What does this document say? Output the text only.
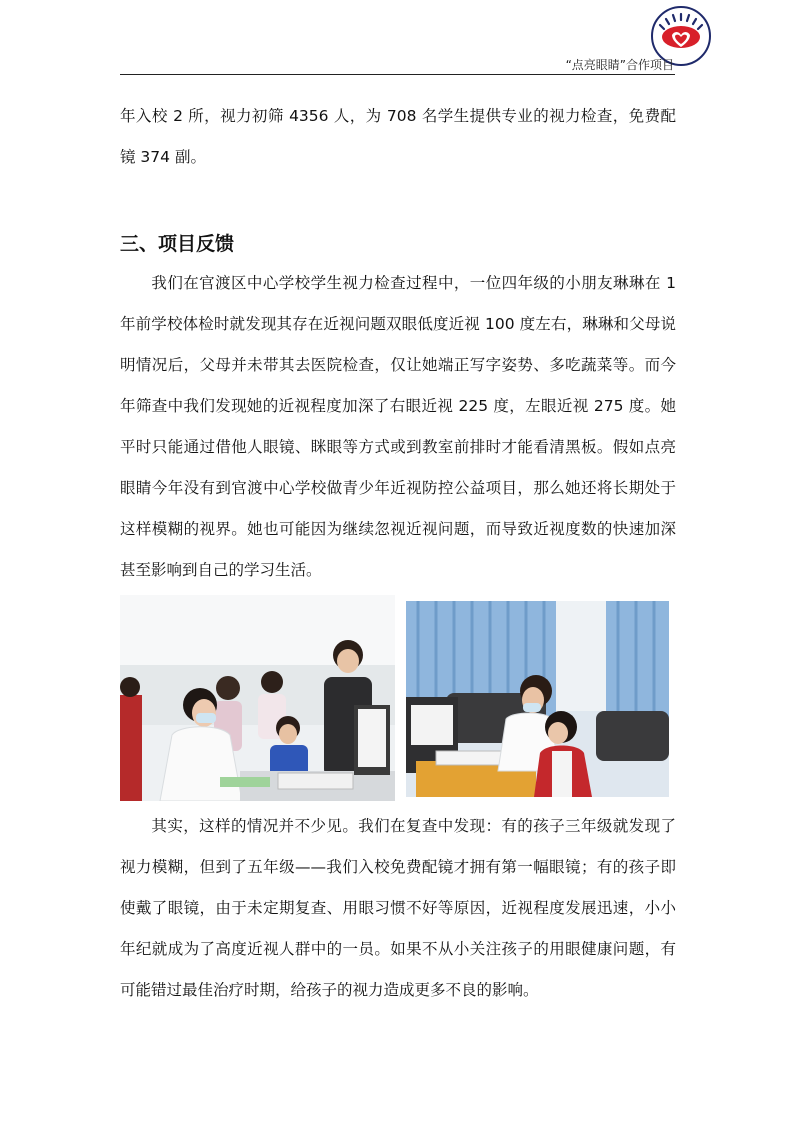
“点亮眼睛”合作项目

年入校 2 所，视力初筛 4356 人，为 708 名学生提供专业的视力检查，免费配镜 374 副。

三、项目反馈

我们在官渡区中心学校学生视力检查过程中，一位四年级的小朋友琳琳在 1 年前学校体检时就发现其存在近视问题双眼低度近视 100 度左右，琳琳和父母说明情况后，父母并未带其去医院检查，仅让她端正写字姿势、多吃蔬菜等。而今年筛查中我们发现她的近视程度加深了右眼近视 225 度，左眼近视 275 度。她平时只能通过借他人眼镜、眯眼等方式或到教室前排时才能看清黑板。假如点亮眼睛今年没有到官渡中心学校做青少年近视防控公益项目，那么她还将长期处于这样模糊的视界。她也可能因为继续忽视近视问题，而导致近视度数的快速加深甚至影响到自己的学习生活。

其实，这样的情况并不少见。我们在复查中发现：有的孩子三年级就发现了视力模糊，但到了五年级——我们入校免费配镜才拥有第一幅眼镜；有的孩子即使戴了眼镜，由于未定期复查、用眼习惯不好等原因，近视程度发展迅速，小小年纪就成为了高度近视人群中的一员。如果不从小关注孩子的用眼健康问题，有可能错过最佳治疗时期，给孩子的视力造成更多不良的影响。
